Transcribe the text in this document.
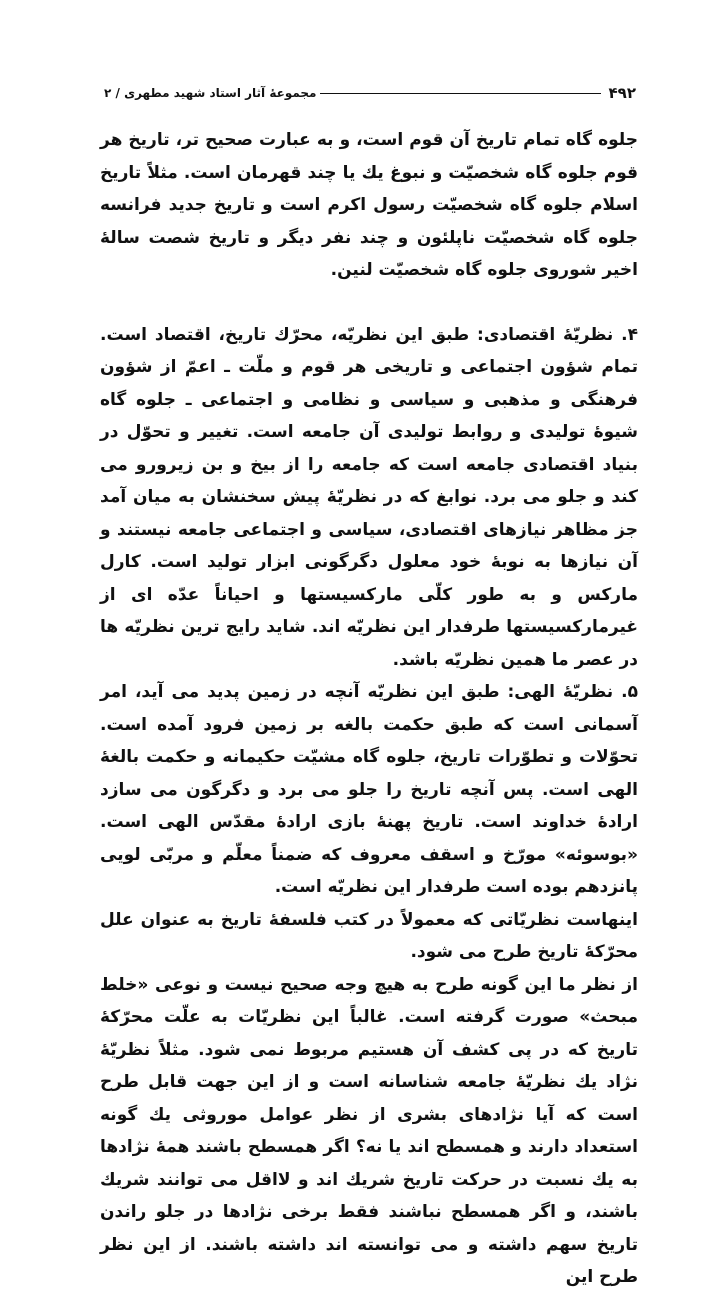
۴۹۲
مجموعهٔ آثار استاد شهید مطهری / ۲

جلوه گاه تمام تاریخ آن قوم است، و به عبارت صحیح تر، تاریخ هر قوم جلوه گاه شخصیّت و نبوغ یك یا چند قهرمان است. مثلاً تاریخ اسلام جلوه گاه شخصیّت رسول اکرم است و تاریخ جدید فرانسه جلوه گاه شخصیّت ناپلئون و چند نفر دیگر و تاریخ شصت سالهٔ اخیر شوروی جلوه گاه شخصیّت لنین.

۴. نظریّهٔ اقتصادی: طبق این نظریّه، محرّك تاریخ، اقتصاد است. تمام شؤون اجتماعی و تاریخی هر قوم و ملّت ـ اعمّ از شؤون فرهنگی و مذهبی و سیاسی و نظامی و اجتماعی ـ جلوه گاه شیوهٔ تولیدی و روابط تولیدی آن جامعه است. تغییر و تحوّل در بنیاد اقتصادی جامعه است که جامعه را از بیخ و بن زیرورو می کند و جلو می برد. نوابغ که در نظریّهٔ پیش سخنشان به میان آمد جز مظاهر نیازهای اقتصادی، سیاسی و اجتماعی جامعه نیستند و آن نیازها به نوبهٔ خود معلول دگرگونی ابزار تولید است. کارل مارکس و به طور کلّی مارکسیستها و احیاناً عدّه ای از غیرمارکسیستها طرفدار این نظریّه اند. شاید رایج ترین نظریّه ها در عصر ما همین نظریّه باشد.

۵. نظریّهٔ الهی: طبق این نظریّه آنچه در زمین پدید می آید، امر آسمانی است که طبق حکمت بالغه بر زمین فرود آمده است. تحوّلات و تطوّرات تاریخ، جلوه گاه مشیّت حکیمانه و حکمت بالغهٔ الهی است. پس آنچه تاریخ را جلو می برد و دگرگون می سازد ارادهٔ خداوند است. تاریخ پهنهٔ بازی ارادهٔ مقدّس الهی است. «بوسوئه» مورّخ و اسقف معروف که ضمناً معلّم و مربّی لویی پانزدهم بوده است طرفدار این نظریّه است.

اینهاست نظریّاتی که معمولاً در کتب فلسفهٔ تاریخ به عنوان علل محرّکهٔ تاریخ طرح می شود.

از نظر ما این گونه طرح به هیچ وجه صحیح نیست و نوعی «خلط مبحث» صورت گرفته است. غالباً این نظریّات به علّت محرّکهٔ تاریخ که در پی کشف آن هستیم مربوط نمی شود. مثلاً نظریّهٔ نژاد یك نظریّهٔ جامعه شناسانه است و از این جهت قابل طرح است که آیا نژادهای بشری از نظر عوامل موروثی یك گونه استعداد دارند و همسطح اند یا نه؟ اگر همسطح باشند همهٔ نژادها به یك نسبت در حرکت تاریخ شریك اند و لااقل می توانند شریك باشند، و اگر همسطح نباشند فقط برخی نژادها در جلو راندن تاریخ سهم داشته و می توانسته اند داشته باشند. از این نظر طرح این
